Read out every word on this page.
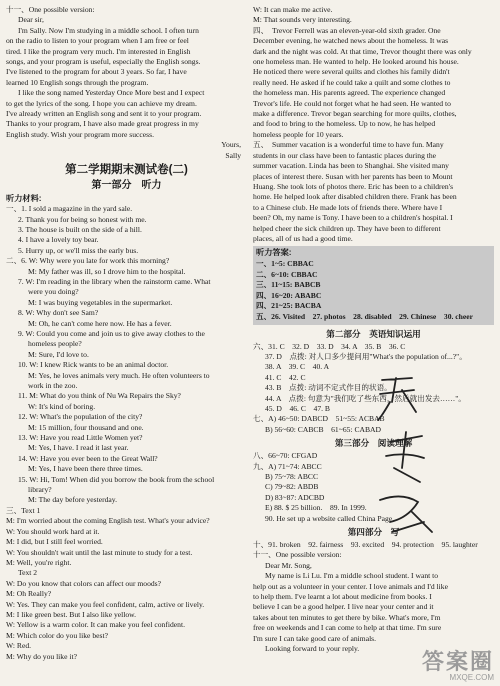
十一、One possible version:
Dear sir,
I'm Sally. Now I'm studying in a middle school. I often turn
on the radio to listen to your program when I am free or feel
tired. I like the program very much. I'm interested in English
songs, and your program is useful, especially the English songs.
I've listened to the program for about 3 years. So far, I have
learned 10 English songs through the program.
I like the song named Yesterday Once More best and I expect
to get the lyrics of the song. I hope you can achieve my dream.
I've already written an English song and sent it to your program.
Thanks to your program, I have also made great progress in my
English study. Wish your program more success.
Yours,
Sally
第二学期期末测试卷(二)
第一部分　听力
听力材料:
一、1. I sold a magazine in the yard sale.
2. Thank you for being so honest with me.
3. The house is built on the side of a hill.
4. I have a lovely toy bear.
5. Hurry up, or we'll miss the early bus.
二、6. W: Why were you late for work this morning?
M: My father was ill, so I drove him to the hospital.
7. W: I'm reading in the library when the rainstorm came. What
were you doing?
M: I was buying vegetables in the supermarket.
8. W: Why don't see Sam?
M: Oh, he can't come here now. He has a fever.
9. W: Could you come and join us to give away clothes to the
homeless people?
M: Sure, I'd love to.
10. W: I knew Rick wants to be an animal doctor.
M: Yes, he loves animals very much. He often volunteers to
work in the zoo.
11. M: What do you think of Nu Wa Repairs the Sky?
W: It's kind of boring.
12. W: What's the population of the city?
M: 15 million, four thousand and one.
13. W: Have you read Little Women yet?
M: Yes, I have. I read it last year.
14. W: Have you ever been to the Great Wall?
M: Yes, I have been there three times.
15. W: Hi, Tom! When did you borrow the book from the school
library?
M: The day before yesterday.
三、Text 1
M: I'm worried about the coming English test. What's your advice?
W: You should work hard at it.
M: I did, but I still feel worried.
W: You shouldn't wait until the last minute to study for a test.
M: Well, you're right.
Text 2
W: Do you know that colors can affect our moods?
M: Oh Really?
W: Yes. They can make you feel confident, calm, active or lively.
M: I like green best. But I also like yellow.
W: Yellow is a warm color. It can make you feel confident.
M: Which color do you like best?
W: Red.
M: Why do you like it?
W: It can make me active.
M: That sounds very interesting.
四、　Trevor Ferrell was an eleven-year-old sixth grader. One
December evening, he watched news about the homeless. It was
dark and the night was cold. At that time, Trevor thought there was only
one homeless man. He wanted to help. He looked around his house.
He noticed there were several quilts and clothes his family didn't
really need. He asked if he could take a quilt and some clothes to
the homeless man. His parents agreed. The experience changed
Trevor's life. He could not forget what he had seen. He wanted to
make a difference. Trevor began searching for more quilts, clothes,
and food to bring to the homeless. Up to now, he has helped
homeless people for 10 years.
五、　Summer vacation is a wonderful time to have fun. Many
students in our class have been to fantastic places during the
summer vacation. Linda has been to Shanghai. She visited many
places of interest there. Susan with her parents has been to Mount
Huang. She took lots of photos there. Eric has been to a children's
home. He helped look after disabled children there. Frank has been
to a Chinese club. He made lots of friends there. Where have I
been? Oh, my name is Tony. I have been to a children's hospital. I
helped cheer the sick children up. They have been to different
places, all of us had a good time.
听力答案:
一、1~5: CBBAC
二、6~10: CBBAC
三、11~15: BABCB
四、16~20: ABABC
四、21~25: BACBA
五、26. Visited　27. photos　28. disabled　29. Chinese　30. cheer
第二部分　英语知识运用
六、31. C　32. D　33. D　34. A　35. B　36. C
37. D　点拨: 对人口多少提问用"What's the population of...?"。
38. A　39. C　40. A
41. C　42. C
43. B　点拨: 动词不定式作目的状语。
44. A　点拨: 句意为"我们吃了些东西，然后就出发去……"。
45. D　46. C　47. B
七、A) 46~50: DABCD　51~55: ACBAB
B) 56~60: CABCB　61~65: CABAD
第三部分　阅读理解
八、66~70: CFGAD
九、A) 71~74: ABCC
B) 75~78: ABCC
C) 79~82: ABDB
D) 83~87: ADCBD
E) 88. $ 25 billion.　89. In 1999.
90. He set up a website called China Page.
第四部分　写
十、91. broken　92. fairness　93. excited　94. protection　95. laughter
十一、One possible version:
Dear Mr. Song,
My name is Li Lu. I'm a middle school student. I want to
help out as a volunteer in your center. I love animals and I'd like
to help them. I've learnt a lot about medicine from books. I
believe I can be a good helper. I live near your center and it
takes about ten minutes to get there by bike. What's more, I'm
free on weekends and I can come to help at that time. I'm sure
I'm sure I can take good care of animals.
Looking forward to your reply.
答案圈
MXQE.COM
